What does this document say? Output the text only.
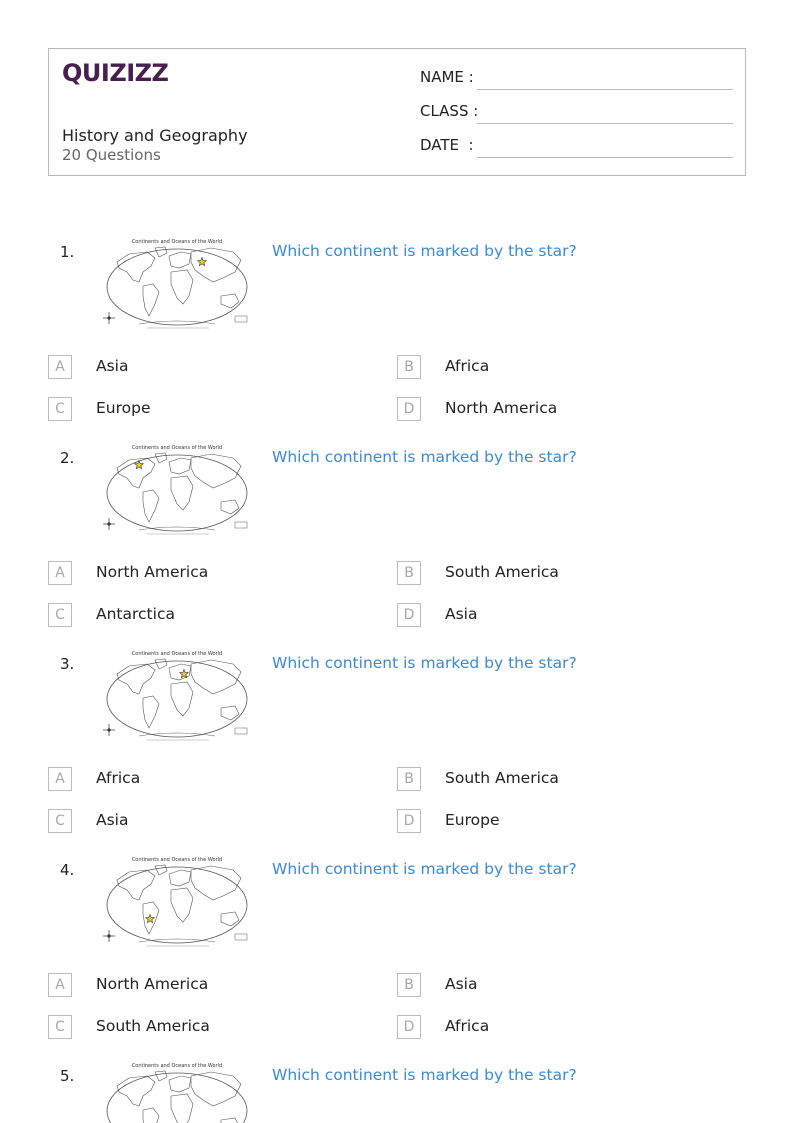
QUIZIZZ
History and Geography
20 Questions
NAME :
CLASS :
DATE  :
1.
Continents and Oceans of the World	Which continent is marked by the star?
A	Asia	B	Africa
C	Europe	D	North America
2.
Continents and Oceans of the World	Which continent is marked by the star?
A	North America	B	South America
C	Antarctica	D	Asia
3.
Continents and Oceans of the World	Which continent is marked by the star?
A	Africa	B	South America
C	Asia	D	Europe
4.
Continents and Oceans of the World	Which continent is marked by the star?
A	North America	B	Asia
C	South America	D	Africa
5.
Continents and Oceans of the World	Which continent is marked by the star?
